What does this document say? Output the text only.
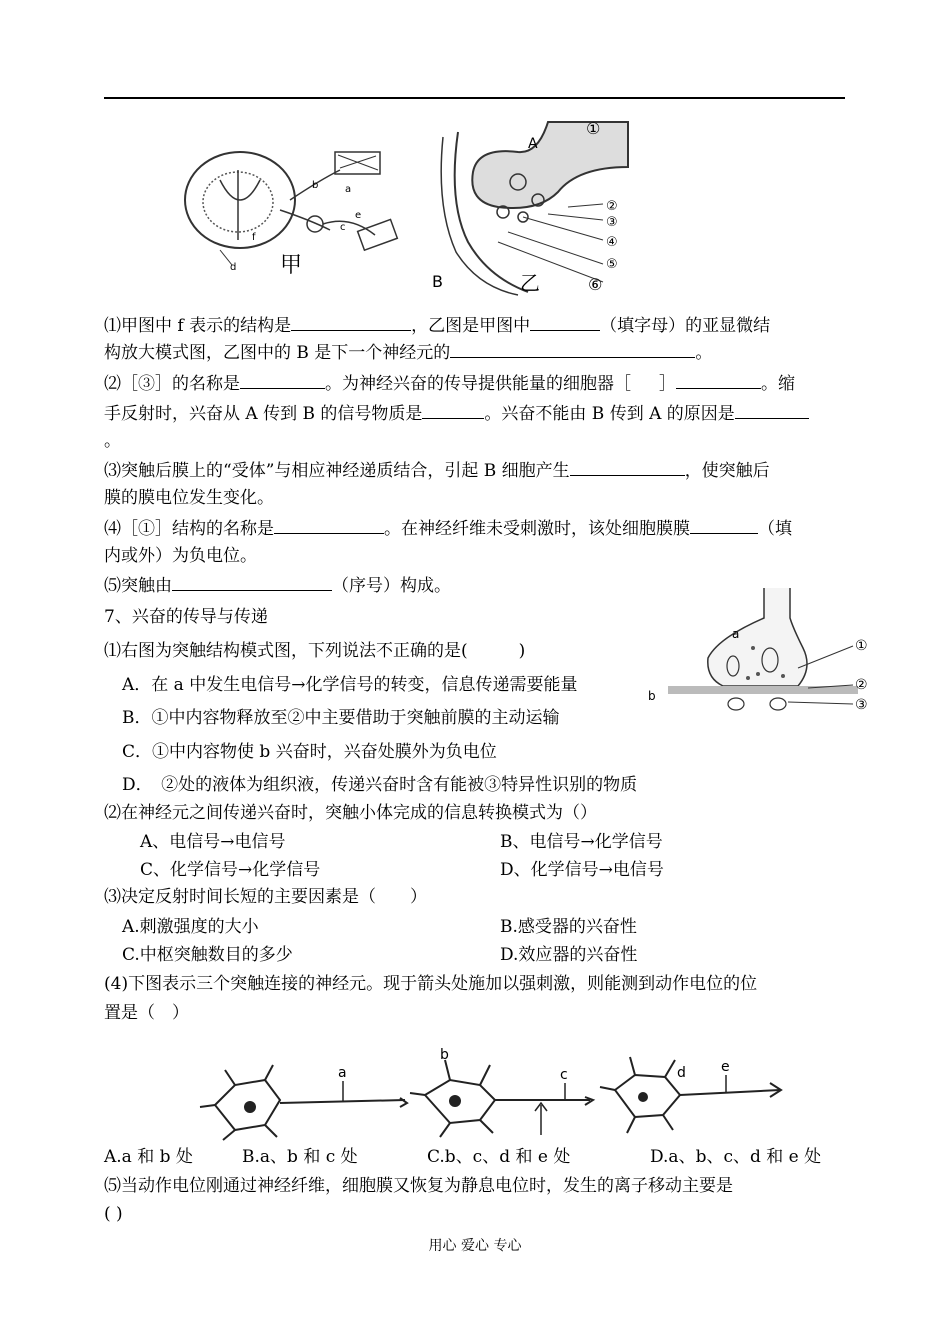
甲
a
b
c
d
e
f
A
B	乙
①
②
③
④
⑤
⑥
⑴甲图中 f 表示的结构是	，乙图是甲图中	（填字母）的亚显微结
构放大模式图，乙图中的 B 是下一个神经元的	。
⑵［③］的名称是	。为神经兴奋的传导提供能量的细胞器［ ］	。缩
手反射时，兴奋从 A 传到 B 的信号物质是	。兴奋不能由 B 传到 A 的原因是
。
⑶突触后膜上的“受体”与相应神经递质结合，引起 B 细胞产生	，使突触后
膜的膜电位发生变化。
⑷［①］结构的名称是	。在神经纤维未受刺激时，该处细胞膜膜	（填
内或外）为负电位。
⑸突触由	（序号）构成。
7、兴奋的传导与传递
a
b
①
②
③
⑴右图为突触结构模式图，下列说法不正确的是(　　　)
A．在 a 中发生电信号→化学信号的转变，信息传递需要能量
B．①中内容物释放至②中主要借助于突触前膜的主动运输
C．①中内容物使 b 兴奋时，兴奋处膜外为负电位
D．　②处的液体为组织液，传递兴奋时含有能被③特异性识别的物质
⑵在神经元之间传递兴奋时，突触小体完成的信息转换模式为（）
A、电信号→电信号	B、电信号→化学信号
C、化学信号→化学信号	D、化学信号→电信号
⑶决定反射时间长短的主要因素是（　　）
A.刺激强度的大小	B.感受器的兴奋性
C.中枢突触数目的多少	D.效应器的兴奋性
(4)下图表示三个突触连接的神经元。现于箭头处施加以强刺激，则能测到动作电位的位
置是（　）
a
b
c	d	e
A.a 和 b 处	B.a、b 和 c 处	C.b、c、d 和 e 处	D.a、b、c、d 和 e 处
⑸当动作电位刚通过神经纤维，细胞膜又恢复为静息电位时，发生的离子移动主要是
( )
用心 爱心 专心
